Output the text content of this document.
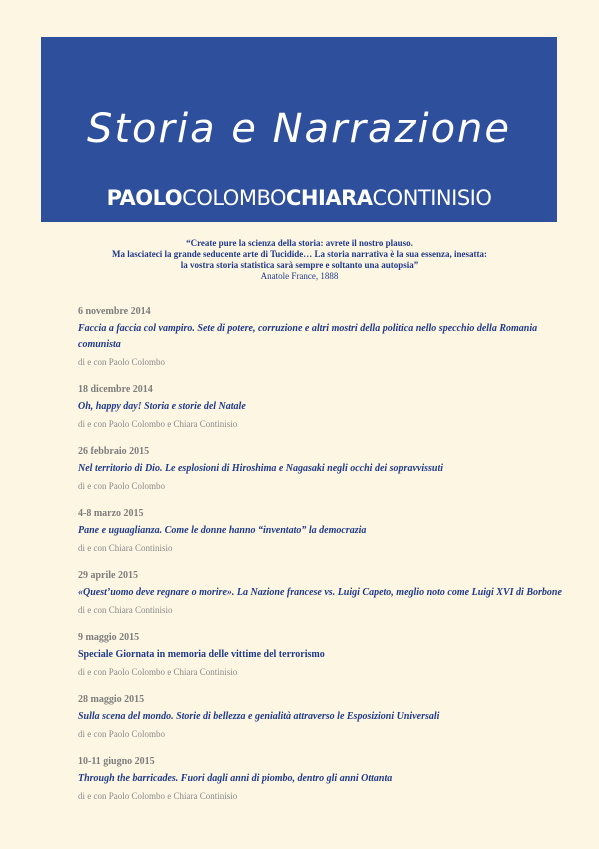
Storia e Narrazione
PAOLOCOLOMBOCHIARACONTINISIO
“Create pure la scienza della storia: avrete il nostro plauso.
Ma lasciateci la grande seducente arte di Tucidide… La storia narrativa è la sua essenza, inesatta:
la vostra storia statistica sarà sempre e soltanto una autopsia”
Anatole France, 1888
6 novembre 2014
Faccia a faccia col vampiro. Sete di potere, corruzione e altri mostri della politica nello specchio della Romania comunista
di e con Paolo Colombo
18 dicembre 2014
Oh, happy day! Storia e storie del Natale
di e con Paolo Colombo e Chiara Continisio
26 febbraio 2015
Nel territorio di Dio. Le esplosioni di Hiroshima e Nagasaki negli occhi dei sopravvissuti
di e con Paolo Colombo
4-8 marzo 2015
Pane e uguaglianza. Come le donne hanno “inventato” la democrazia
di e con Chiara Continisio
29 aprile 2015
«Quest’uomo deve regnare o morire». La Nazione francese vs. Luigi Capeto, meglio noto come Luigi XVI di Borbone
di e con Chiara Continisio
9 maggio 2015
Speciale Giornata in memoria delle vittime del terrorismo
di e con Paolo Colombo e Chiara Continisio
28 maggio 2015
Sulla scena del mondo. Storie di bellezza e genialità attraverso le Esposizioni Universali
di e con Paolo Colombo
10-11 giugno 2015
Through the barricades. Fuori dagli anni di piombo, dentro gli anni Ottanta
di e con Paolo Colombo e Chiara Continisio
